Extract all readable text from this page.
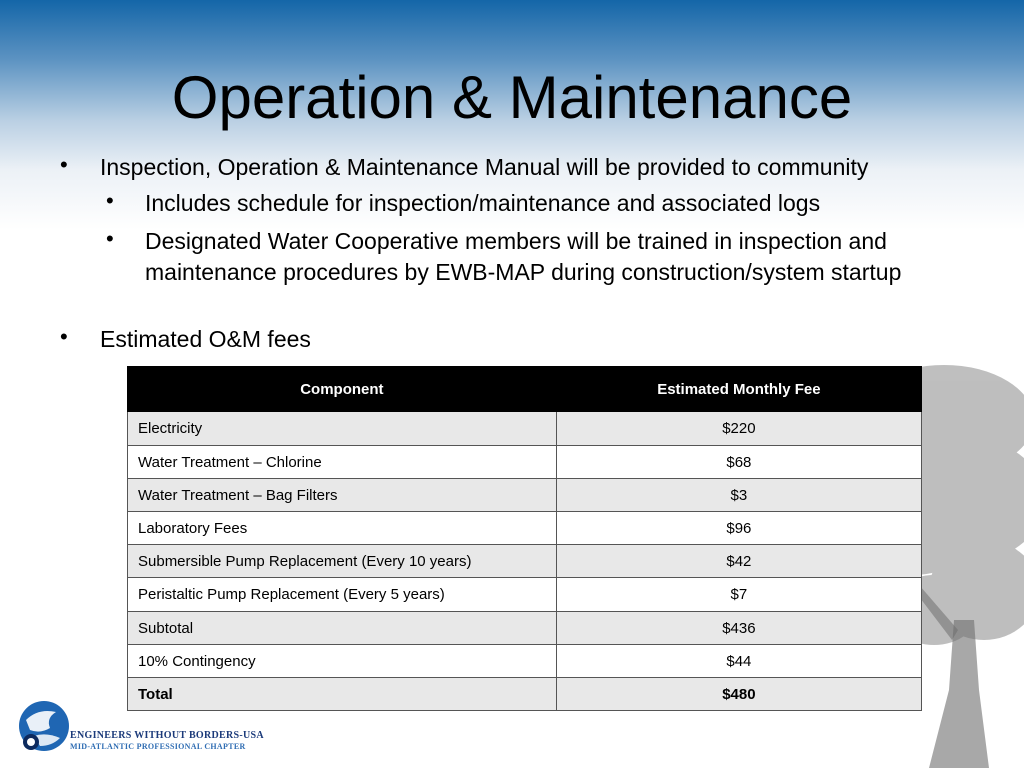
Operation & Maintenance
• Inspection, Operation & Maintenance Manual will be provided to community
• Includes schedule for inspection/maintenance and associated logs
• Designated Water Cooperative members will be trained in inspection and maintenance procedures by EWB-MAP during construction/system startup
• Estimated O&M fees
Component	Estimated Monthly Fee
Electricity	$220
Water Treatment – Chlorine	$68
Water Treatment – Bag Filters	$3
Laboratory Fees	$96
Submersible Pump Replacement (Every 10 years)	$42
Peristaltic Pump Replacement (Every 5 years)	$7
Subtotal	$436
10% Contingency	$44
Total	$480
ENGINEERS WITHOUT BORDERS-USA
MID-ATLANTIC PROFESSIONAL CHAPTER
